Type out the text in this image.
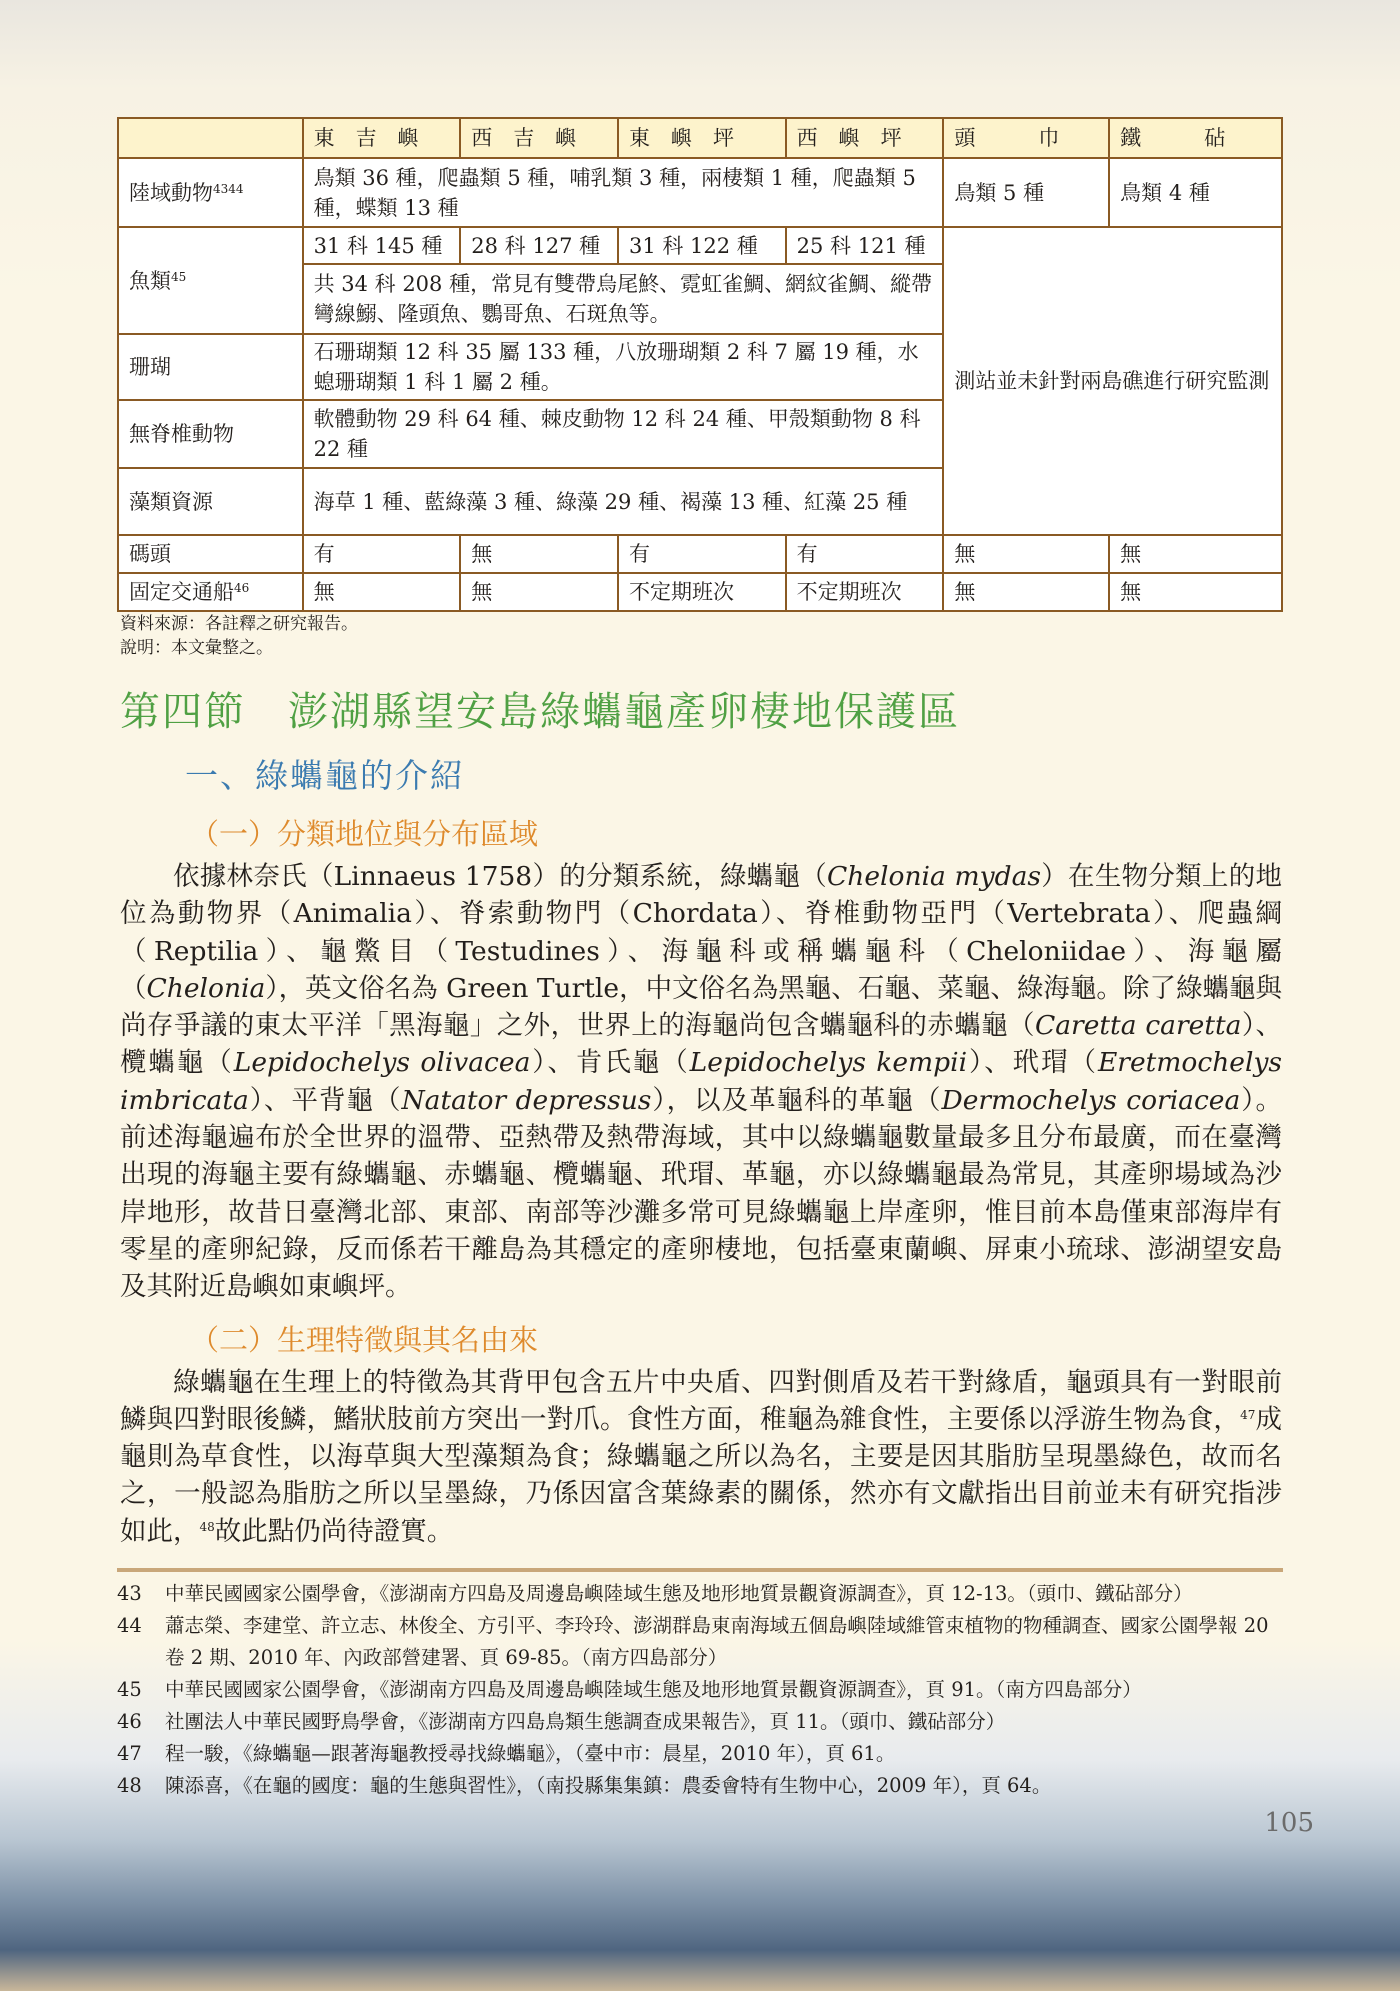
	東　吉　嶼	西　吉　嶼	東　嶼　坪	西　嶼　坪	頭　　　巾	鐵　　　砧
陸域動物$^{4344}$	鳥類 36 種，爬蟲類 5 種，哺乳類 3 種，兩棲類 1 種，爬蟲類 5 種，蝶類 13 種				鳥類 5 種	鳥類 4 種
魚類$^{45}$	31 科 145 種	28 科 127 種	31 科 122 種	25 科 121 種	測站並未針對兩島礁進行研究監測	
	共 34 科 208 種，常見有雙帶烏尾鮗、霓虹雀鯛、網紋雀鯛、縱帶彎線鰯、隆頭魚、鸚哥魚、石斑魚等。					
珊瑚	石珊瑚類 12 科 35 屬 133 種，八放珊瑚類 2 科 7 屬 19 種，水螅珊瑚類 1 科 1 屬 2 種。					
無脊椎動物	軟體動物 29 科 64 種、棘皮動物 12 科 24 種、甲殼類動物 8 科 22 種					
藻類資源	海草 1 種、藍綠藻 3 種、綠藻 29 種、褐藻 13 種、紅藻 25 種					
碼頭	有	無	有	有	無	無
固定交通船$^{46}$	無	無	不定期班次	不定期班次	無	無
資料來源：各註釋之研究報告。
說明：本文彙整之。
第四節　澎湖縣望安島綠蠵龜產卵棲地保護區
一、綠蠵龜的介紹
（一）分類地位與分布區域
依據林奈氏（Linnaeus 1758）的分類系統，綠蠵龜（Chelonia mydas）在生物分類上的地位為動物界（Animalia）、脊索動物門（Chordata）、脊椎動物亞門（Vertebrata）、爬蟲綱（Reptilia）、龜鱉目（Testudines）、海龜科或稱蠵龜科（Cheloniidae）、海龜屬（Chelonia），英文俗名為 Green Turtle，中文俗名為黑龜、石龜、菜龜、綠海龜。除了綠蠵龜與尚存爭議的東太平洋「黑海龜」之外，世界上的海龜尚包含蠵龜科的赤蠵龜（Caretta caretta）、欖蠵龜（Lepidochelys olivacea）、肯氏龜（Lepidochelys kempii）、玳瑁（Eretmochelys imbricata）、平背龜（Natator depressus），以及革龜科的革龜（Dermochelys coriacea）。前述海龜遍布於全世界的溫帶、亞熱帶及熱帶海域，其中以綠蠵龜數量最多且分布最廣，而在臺灣出現的海龜主要有綠蠵龜、赤蠵龜、欖蠵龜、玳瑁、革龜，亦以綠蠵龜最為常見，其產卵場域為沙岸地形，故昔日臺灣北部、東部、南部等沙灘多常可見綠蠵龜上岸產卵，惟目前本島僅東部海岸有零星的產卵紀錄，反而係若干離島為其穩定的產卵棲地，包括臺東蘭嶼、屏東小琉球、澎湖望安島及其附近島嶼如東嶼坪。
（二）生理特徵與其名由來
綠蠵龜在生理上的特徵為其背甲包含五片中央盾、四對側盾及若干對緣盾，龜頭具有一對眼前鱗與四對眼後鱗，鰭狀肢前方突出一對爪。食性方面，稚龜為雜食性，主要係以浮游生物為食，$^{47}$成龜則為草食性，以海草與大型藻類為食；綠蠵龜之所以為名，主要是因其脂肪呈現墨綠色，故而名之，一般認為脂肪之所以呈墨綠，乃係因富含葉綠素的關係，然亦有文獻指出目前並未有研究指涉如此，$^{48}$故此點仍尚待證實。
43	中華民國國家公園學會，《澎湖南方四島及周邊島嶼陸域生態及地形地質景觀資源調查》，頁 12-13。（頭巾、鐵砧部分）
44	蕭志榮、李建堂、許立志、林俊全、方引平、李玲玲、澎湖群島東南海域五個島嶼陸域維管束植物的物種調查、國家公園學報 20 卷 2 期、2010 年、內政部營建署、頁 69-85。（南方四島部分）
45	中華民國國家公園學會，《澎湖南方四島及周邊島嶼陸域生態及地形地質景觀資源調查》，頁 91。（南方四島部分）
46	社團法人中華民國野鳥學會，《澎湖南方四島鳥類生態調查成果報告》，頁 11。（頭巾、鐵砧部分）
47	程一駿，《綠蠵龜—跟著海龜教授尋找綠蠵龜》，（臺中市：晨星，2010 年），頁 61。
48	陳添喜，《在龜的國度：龜的生態與習性》，（南投縣集集鎮：農委會特有生物中心，2009 年），頁 64。
105
